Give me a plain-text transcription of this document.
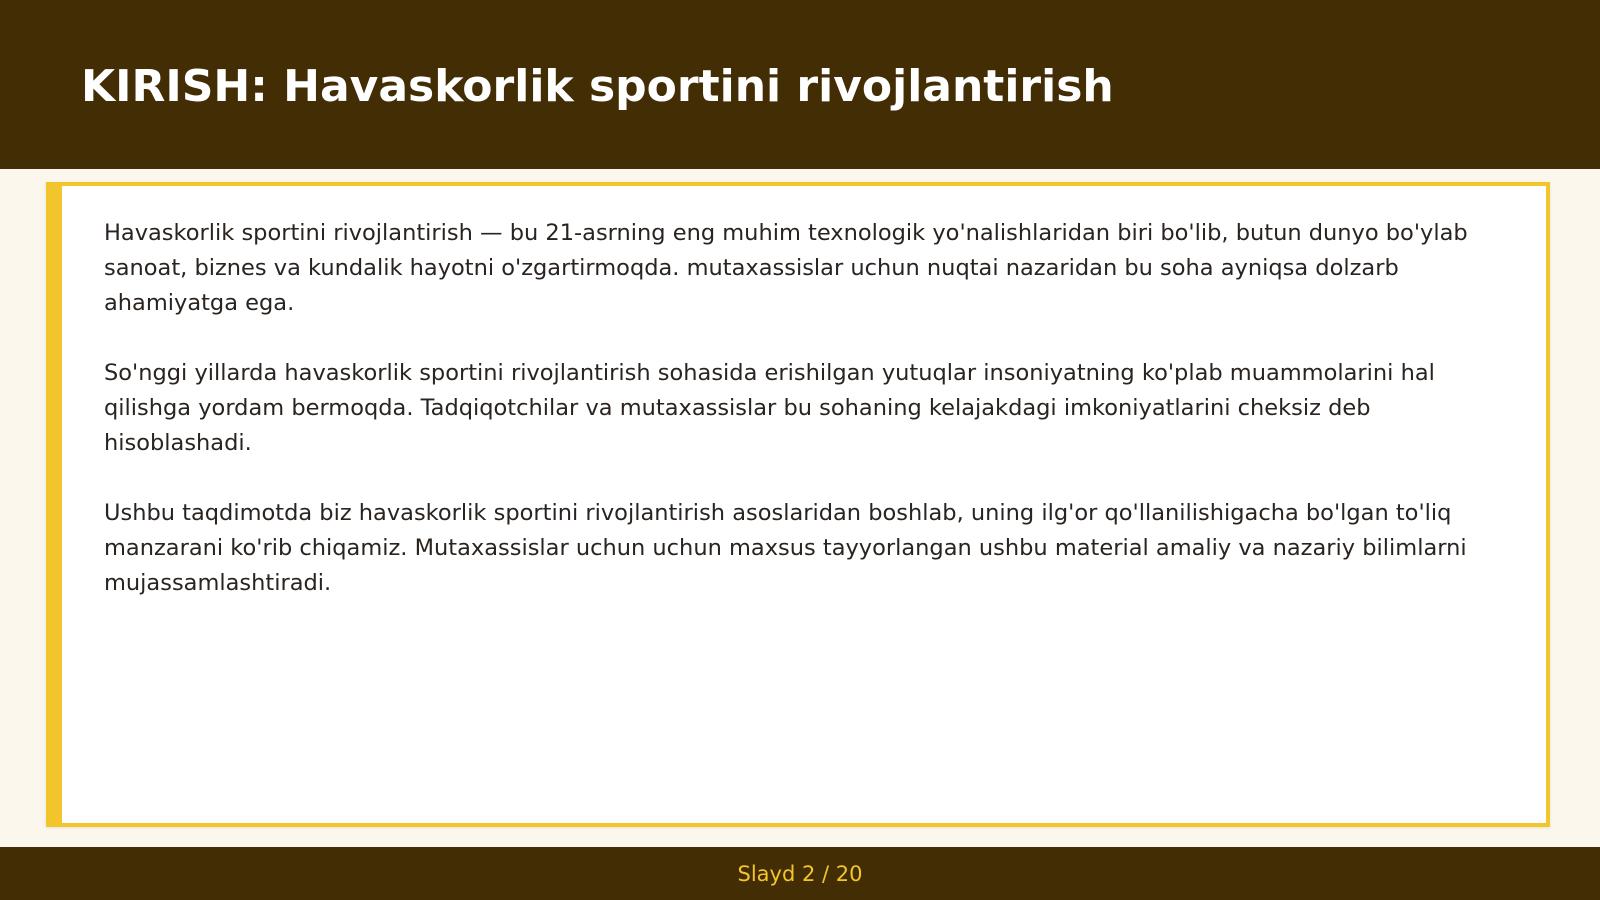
KIRISH: Havaskorlik sportini rivojlantirish

Havaskorlik sportini rivojlantirish — bu 21-asrning eng muhim texnologik yo'nalishlaridan biri bo'lib, butun dunyo bo'ylab sanoat, biznes va kundalik hayotni o'zgartirmoqda. mutaxassislar uchun nuqtai nazaridan bu soha ayniqsa dolzarb ahamiyatga ega.

So'nggi yillarda havaskorlik sportini rivojlantirish sohasida erishilgan yutuqlar insoniyatning ko'plab muammolarini hal qilishga yordam bermoqda. Tadqiqotchilar va mutaxassislar bu sohaning kelajakdagi imkoniyatlarini cheksiz deb hisoblashadi.

Ushbu taqdimotda biz havaskorlik sportini rivojlantirish asoslaridan boshlab, uning ilg'or qo'llanilishigacha bo'lgan to'liq manzarani ko'rib chiqamiz. Mutaxassislar uchun uchun maxsus tayyorlangan ushbu material amaliy va nazariy bilimlarni mujassamlashtiradi.

Slayd 2 / 20
